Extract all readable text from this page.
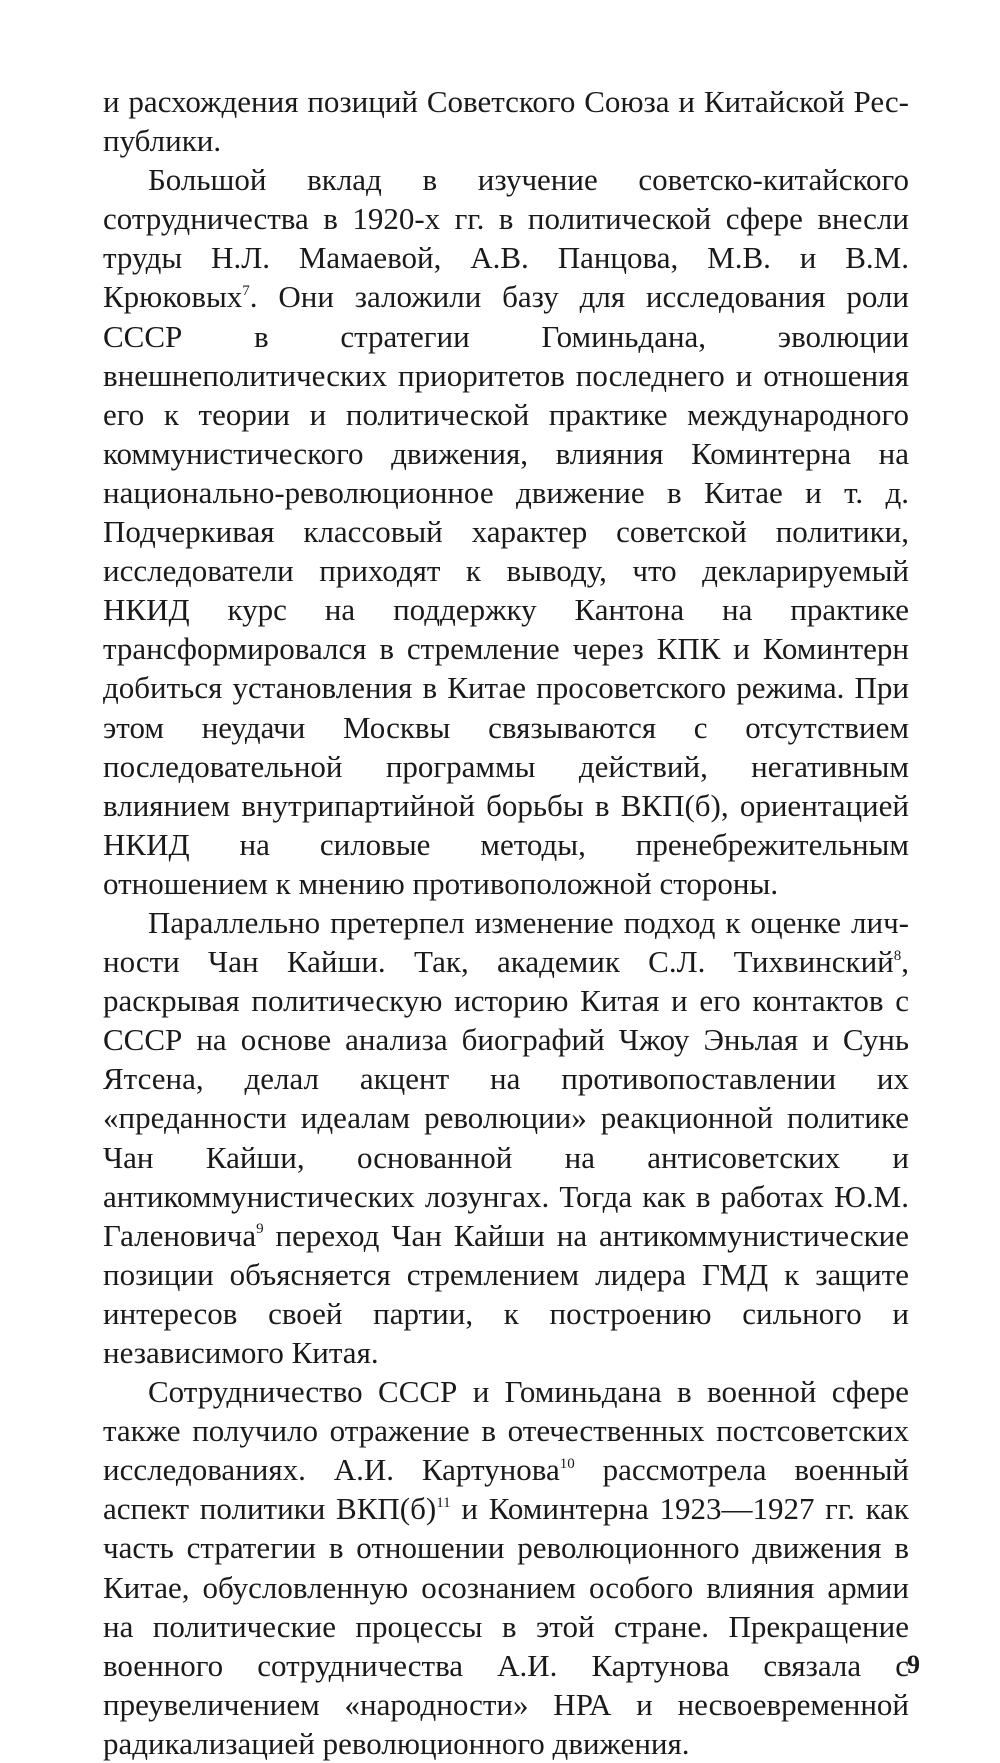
и расхождения позиций Советского Союза и Китайской Республики.

Большой вклад в изучение советско-китайского сотрудничества в 1920-х гг. в политической сфере внесли труды Н.Л. Мамаевой, А.В. Панцова, М.В. и В.М. Крюковых$^7$. Они заложили базу для исследования роли СССР в стратегии Гоминьдана, эволюции внешнеполитических приоритетов последнего и отношения его к теории и политической практике международного коммунистического движения, влияния Коминтерна на национально-революционное движение в Китае и т. д. Подчеркивая классовый характер советской политики, исследователи приходят к выводу, что декларируемый НКИД курс на поддержку Кантона на практике трансформировался в стремление через КПК и Коминтерн добиться установления в Китае просоветского режима. При этом неудачи Москвы связываются с отсутствием последовательной программы действий, негативным влиянием внутрипартийной борьбы в ВКП(б), ориентацией НКИД на силовые методы, пренебрежительным отношением к мнению противоположной стороны.

Параллельно претерпел изменение подход к оценке личности Чан Кайши. Так, академик С.Л. Тихвинский$^8$, раскрывая политическую историю Китая и его контактов с СССР на основе анализа биографий Чжоу Эньлая и Сунь Ятсена, делал акцент на противопоставлении их «преданности идеалам революции» реакционной политике Чан Кайши, основанной на антисоветских и антикоммунистических лозунгах. Тогда как в работах Ю.М. Галеновича$^9$ переход Чан Кайши на антикоммунистические позиции объясняется стремлением лидера ГМД к защите интересов своей партии, к построению сильного и независимого Китая.

Сотрудничество СССР и Гоминьдана в военной сфере также получило отражение в отечественных постсоветских исследованиях. А.И. Картунова$^{10}$ рассмотрела военный аспект политики ВКП(б)$^{11}$ и Коминтерна 1923—1927 гг. как часть стратегии в отношении революционного движения в Китае, обусловленную осознанием особого влияния армии на политические процессы в этой стране. Прекращение военного сотрудничества А.И. Картунова связала с преувеличением «народности» НРА и несвоевременной радикализацией революционного движения.

9
